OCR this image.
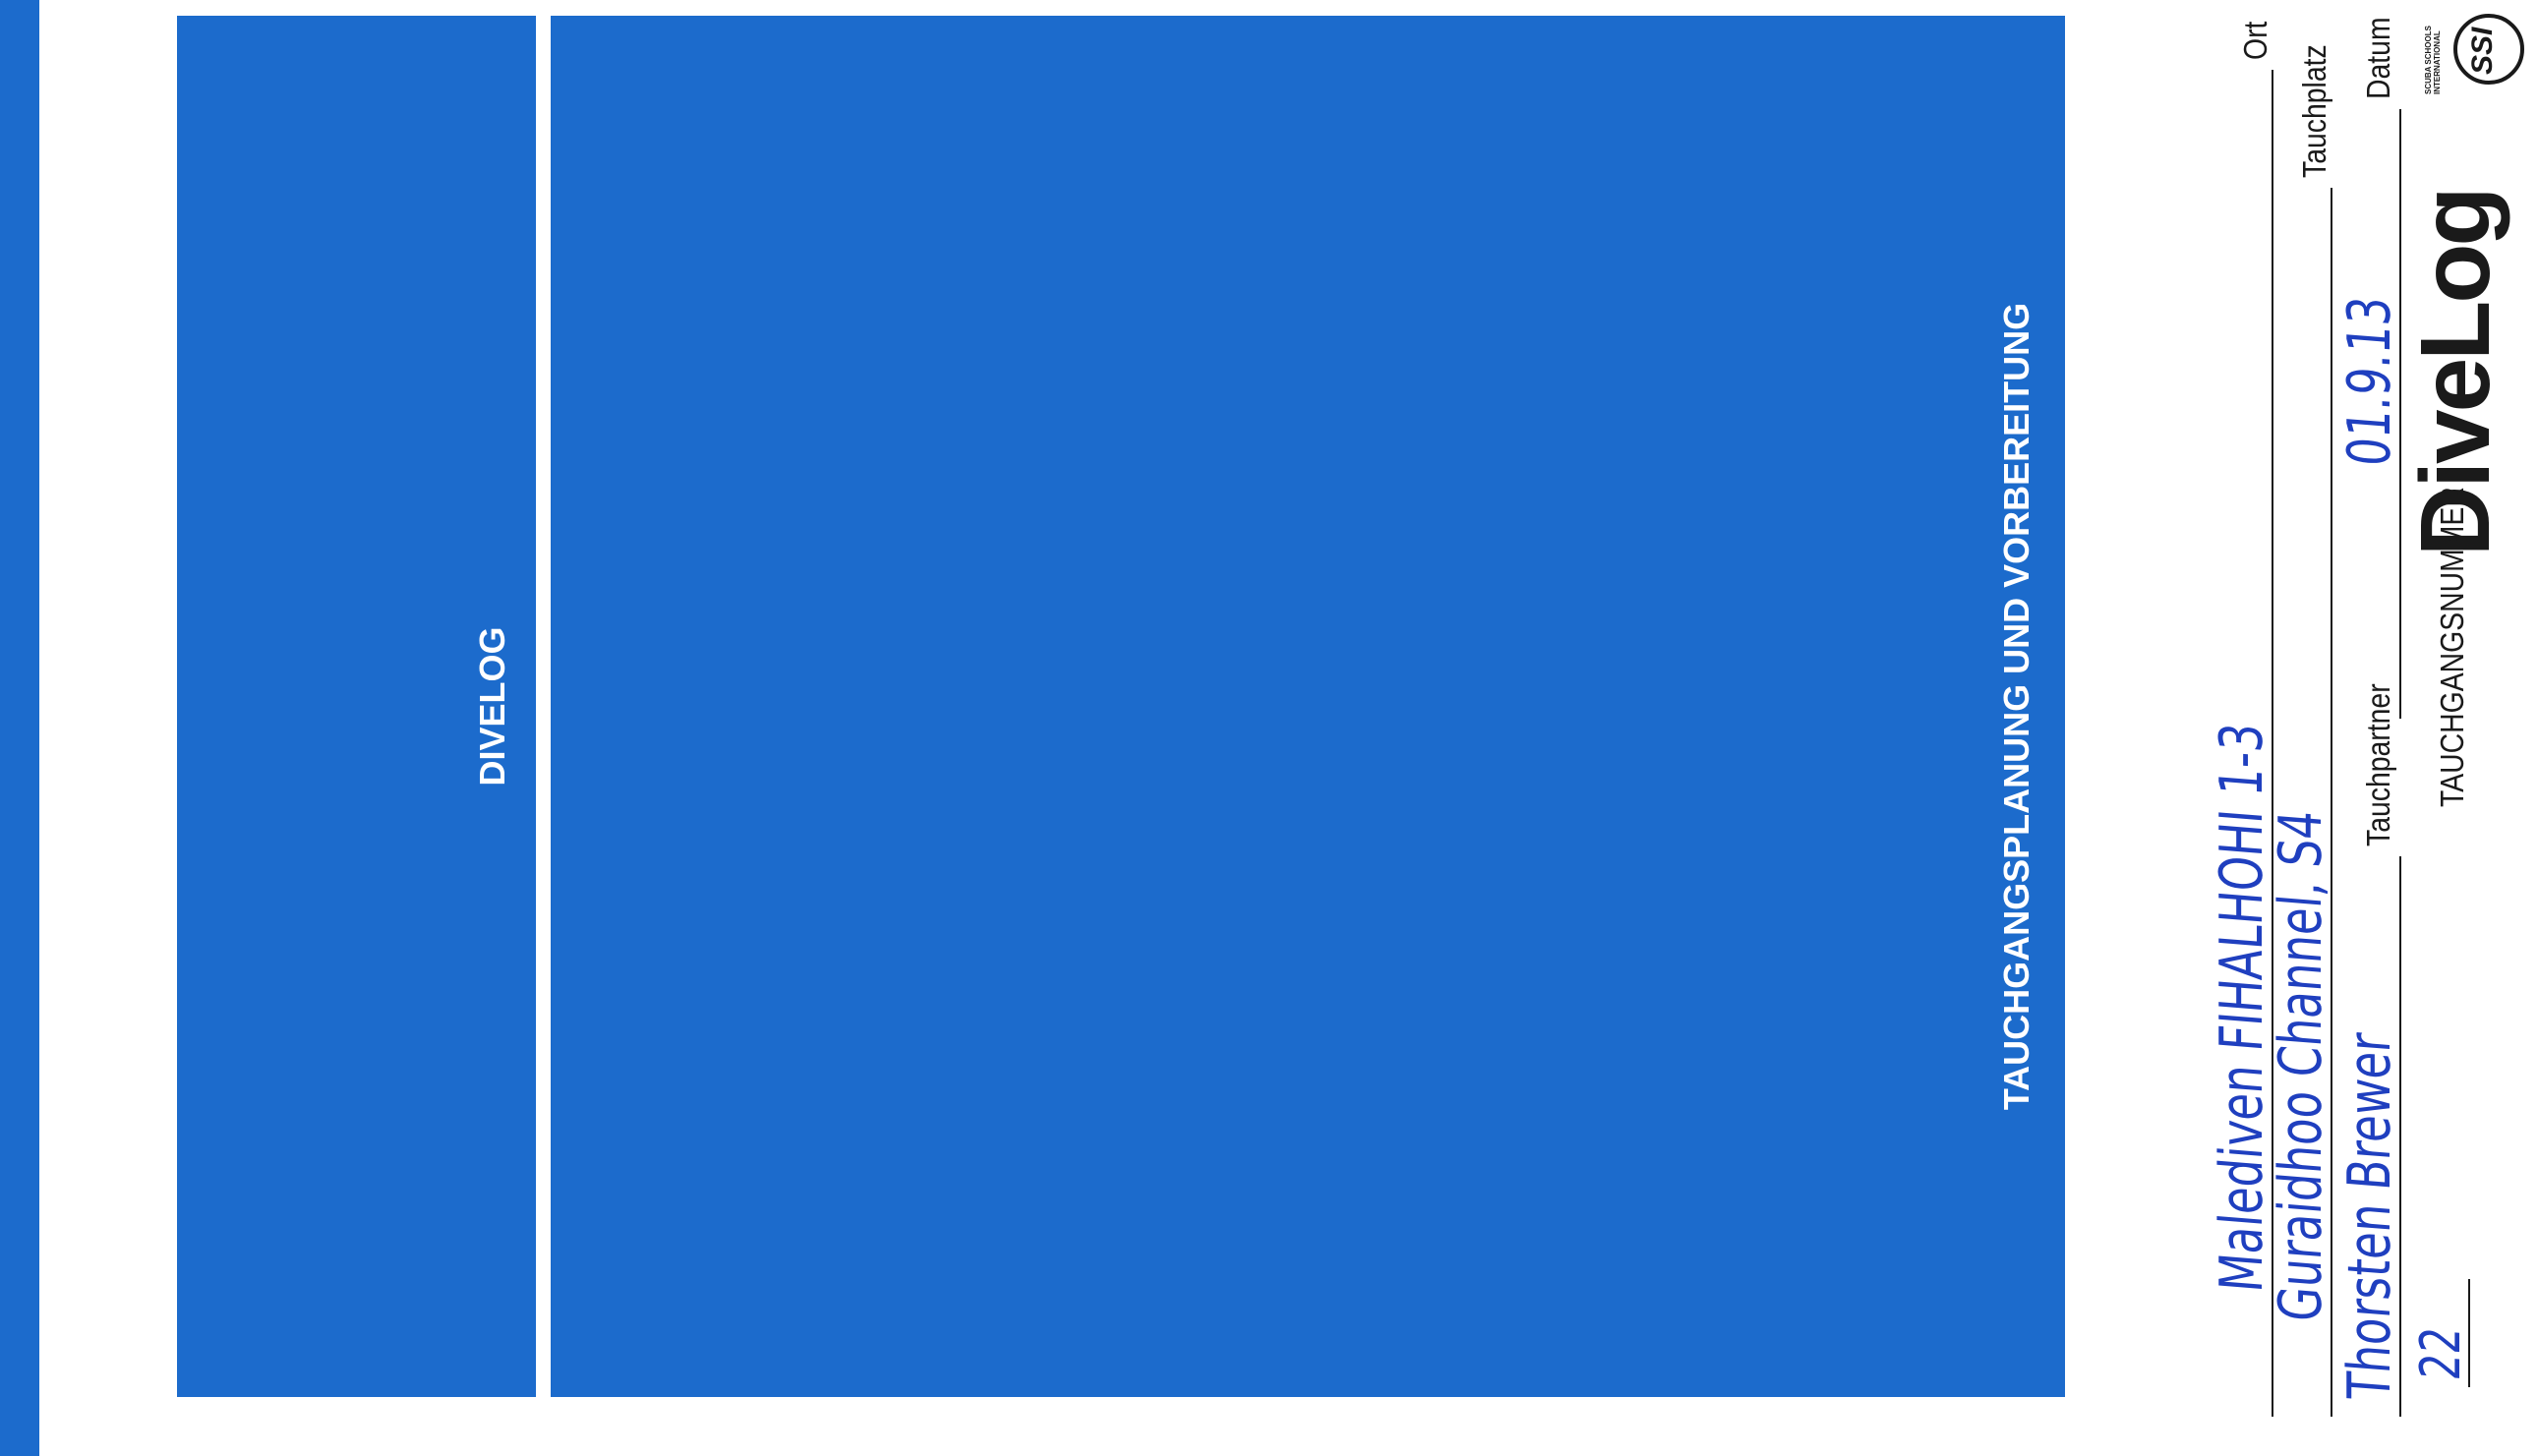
SSI
SCUBA SCHOOLS INTERNATIONAL
DiveLog
TAUCHGANGSNUMMER
22
Datum
01.9.13
Tauchpartner
Thorsten Brewer
Tauchplatz
Guraidhoo Channel, S4
Ort
Malediven FIHALHOHI 1-3
TAUCHGANGSPLANUNG UND VORBEREITUNG
DIVELOG
